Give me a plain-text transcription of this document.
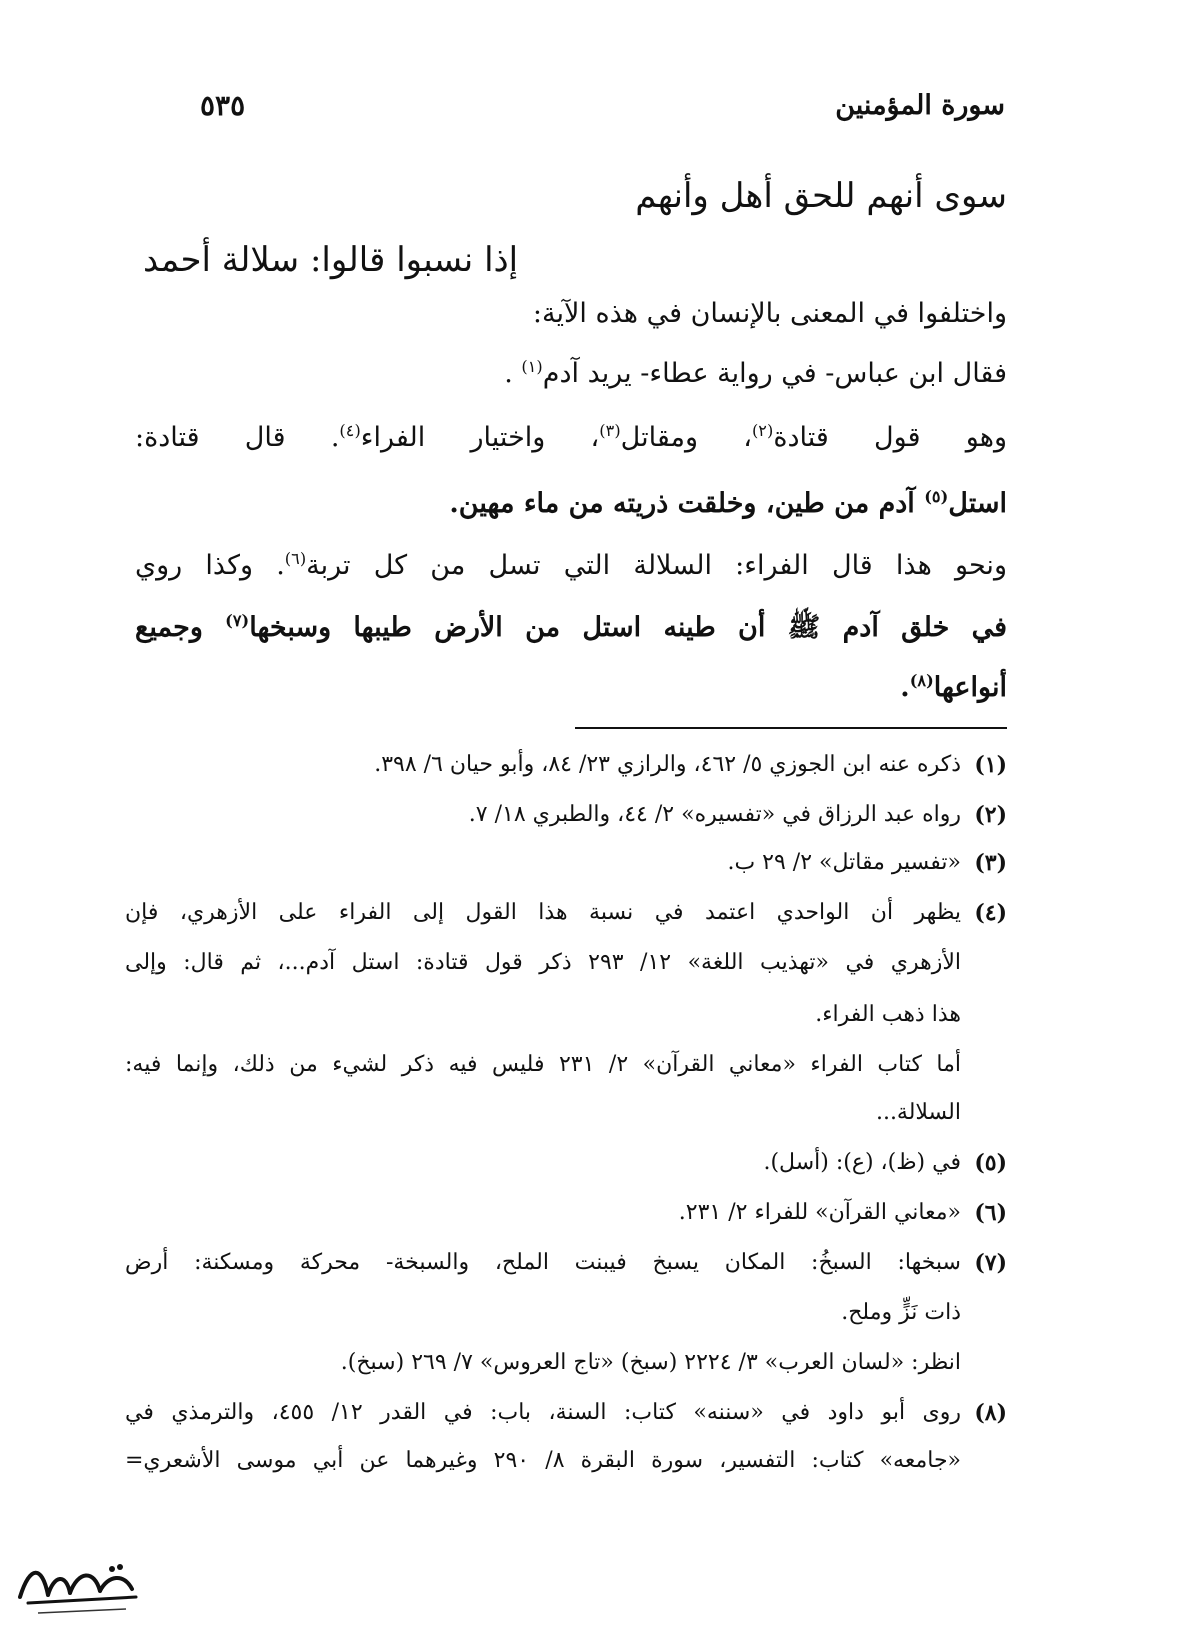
سورة المؤمنين
٥٣٥
سوى أنهم للحق أهل وأنهم
إذا نسبوا قالوا: سلالة أحمد
واختلفوا في المعنى بالإنسان في هذه الآية:
فقال ابن عباس- في رواية عطاء- يريد آدم$^{(١)}$ .
وهو قول قتادة$^{(٢)}$، ومقاتل$^{(٣)}$، واختيار الفراء$^{(٤)}$. قال قتادة:
استل$^{(٥)}$ آدم من طين، وخلقت ذريته من ماء مهين.
ونحو هذا قال الفراء: السلالة التي تسل من كل تربة$^{(٦)}$. وكذا روي
في خلق آدم ﷺ أن طينه استل من الأرض طيبها وسبخها$^{(٧)}$ وجميع
أنواعها$^{(٨)}$.
(١)
ذكره عنه ابن الجوزي ٥/ ٤٦٢، والرازي ٢٣/ ٨٤، وأبو حيان ٦/ ٣٩٨.
(٢)
رواه عبد الرزاق في «تفسيره» ٢/ ٤٤، والطبري ١٨/ ٧.
(٣)
«تفسير مقاتل» ٢/ ٢٩ ب.
(٤)
يظهر أن الواحدي اعتمد في نسبة هذا القول إلى الفراء على الأزهري، فإن
الأزهري في «تهذيب اللغة» ١٢/ ٢٩٣ ذكر قول قتادة: استل آدم...، ثم قال: وإلى
هذا ذهب الفراء.
أما كتاب الفراء «معاني القرآن» ٢/ ٢٣١ فليس فيه ذكر لشيء من ذلك، وإنما فيه:
السلالة...
(٥)
في (ظ)، (ع): (أسل).
(٦)
«معاني القرآن» للفراء ٢/ ٢٣١.
(٧)
سبخها: السبخُ: المكان يسبخ فيبنت الملح، والسبخة- محركة ومسكنة: أرض
ذات نَزٍّ وملح.
انظر: «لسان العرب» ٣/ ٢٢٢٤ (سبخ) «تاج العروس» ٧/ ٢٦٩ (سبخ).
(٨)
روى أبو داود في «سننه» كتاب: السنة، باب: في القدر ١٢/ ٤٥٥، والترمذي في
«جامعه» كتاب: التفسير، سورة البقرة ٨/ ٢٩٠ وغيرهما عن أبي موسى الأشعري=
